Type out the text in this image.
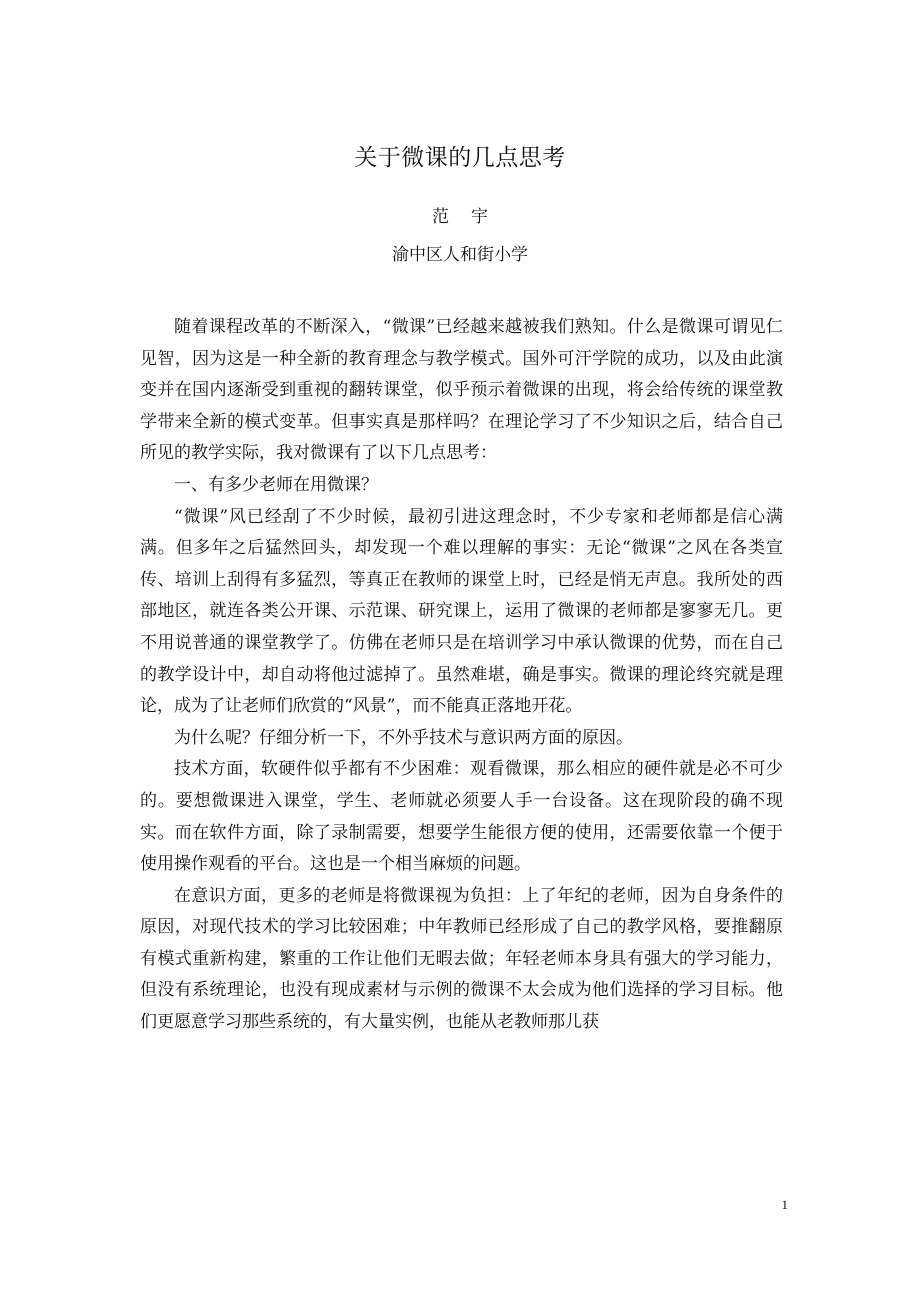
关于微课的几点思考
范 宇
渝中区人和街小学

随着课程改革的不断深入，“微课”已经越来越被我们熟知。什么是微课可谓见仁见智，因为这是一种全新的教育理念与教学模式。国外可汗学院的成功，以及由此演变并在国内逐渐受到重视的翻转课堂，似乎预示着微课的出现，将会给传统的课堂教学带来全新的模式变革。但事实真是那样吗？在理论学习了不少知识之后，结合自己所见的教学实际，我对微课有了以下几点思考：

一、有多少老师在用微课？

“微课”风已经刮了不少时候，最初引进这理念时，不少专家和老师都是信心满满。但多年之后猛然回头，却发现一个难以理解的事实：无论“微课”之风在各类宣传、培训上刮得有多猛烈，等真正在教师的课堂上时，已经是悄无声息。我所处的西部地区，就连各类公开课、示范课、研究课上，运用了微课的老师都是寥寥无几。更不用说普通的课堂教学了。仿佛在老师只是在培训学习中承认微课的优势，而在自己的教学设计中，却自动将他过滤掉了。虽然难堪，确是事实。微课的理论终究就是理论，成为了让老师们欣赏的“风景”，而不能真正落地开花。

为什么呢？仔细分析一下，不外乎技术与意识两方面的原因。

技术方面，软硬件似乎都有不少困难：观看微课，那么相应的硬件就是必不可少的。要想微课进入课堂，学生、老师就必须要人手一台设备。这在现阶段的确不现实。而在软件方面，除了录制需要，想要学生能很方便的使用，还需要依靠一个便于使用操作观看的平台。这也是一个相当麻烦的问题。

在意识方面，更多的老师是将微课视为负担：上了年纪的老师，因为自身条件的原因，对现代技术的学习比较困难；中年教师已经形成了自己的教学风格，要推翻原有模式重新构建，繁重的工作让他们无暇去做；年轻老师本身具有强大的学习能力，但没有系统理论，也没有现成素材与示例的微课不太会成为他们选择的学习目标。他们更愿意学习那些系统的，有大量实例，也能从老教师那儿获

1
